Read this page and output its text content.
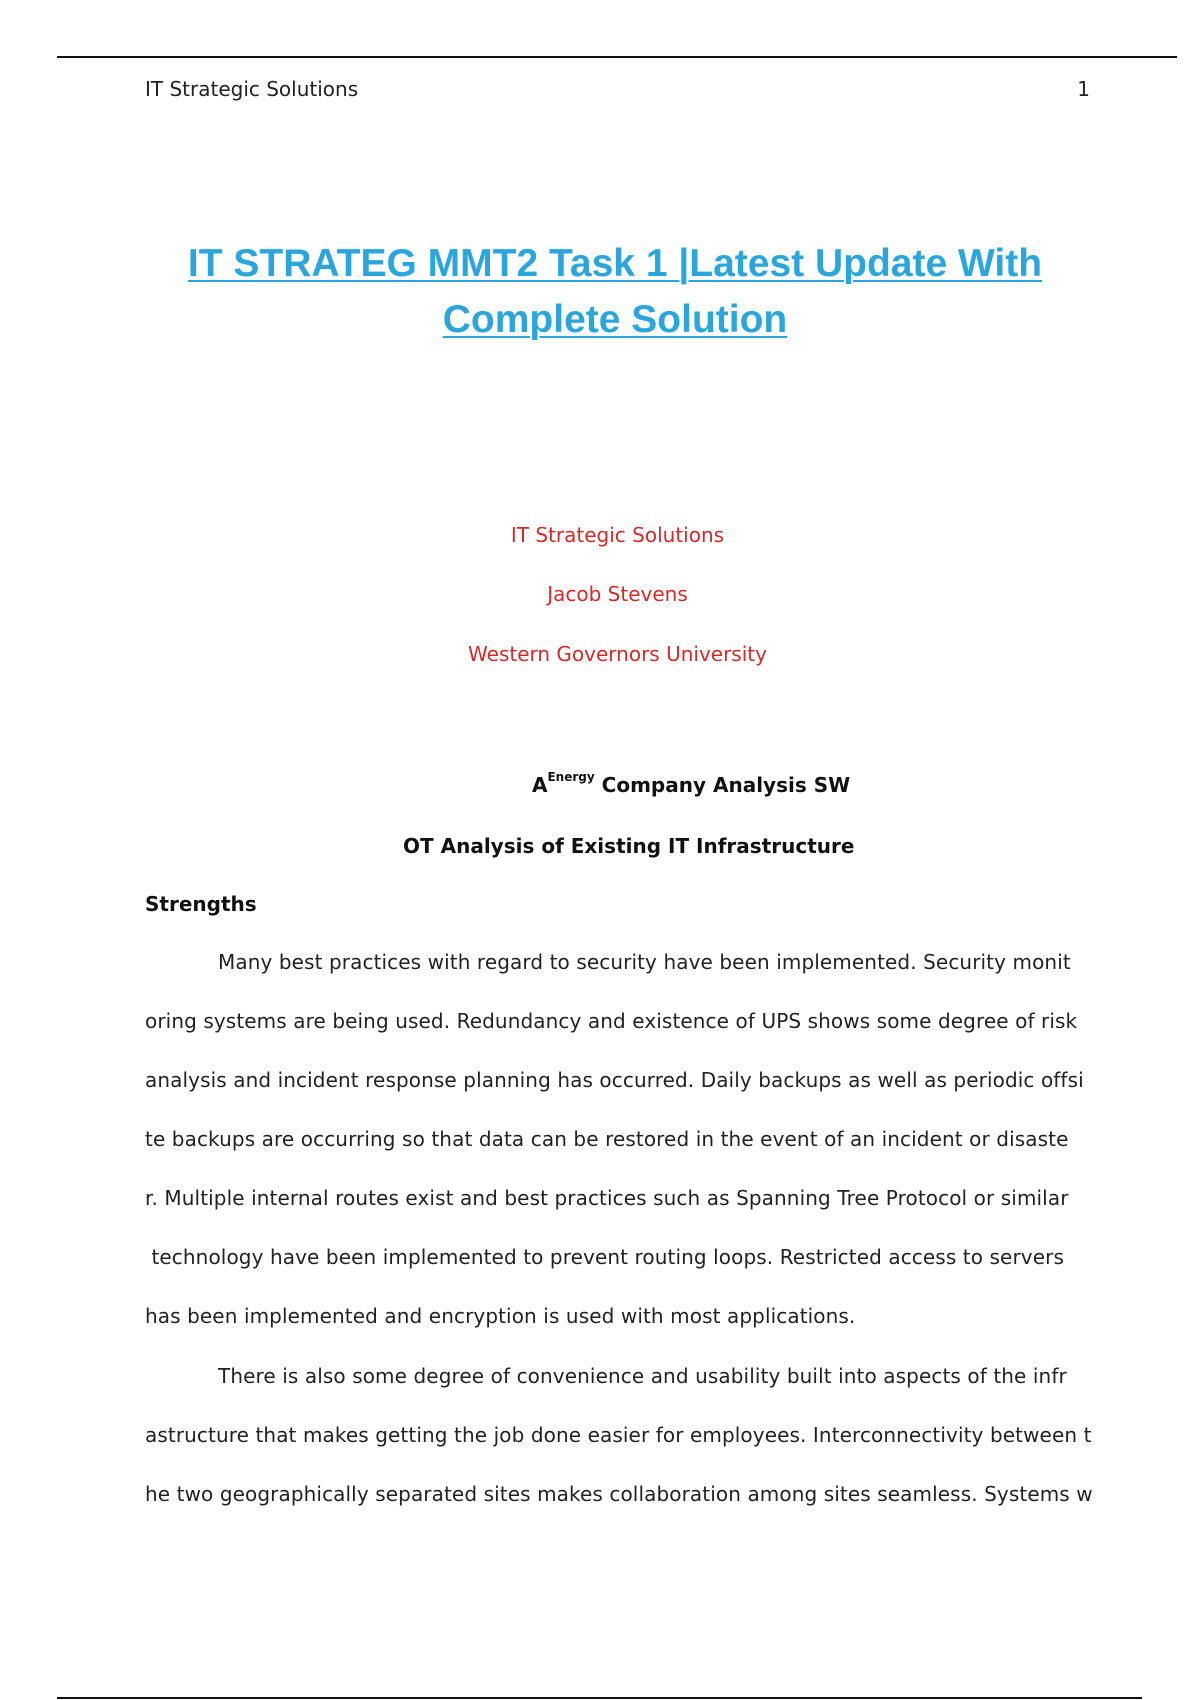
IT Strategic Solutions	1
IT STRATEG MMT2 Task 1 |Latest Update With
Complete Solution
IT Strategic Solutions
Jacob Stevens
Western Governors University
$A^{Energy}$ Company Analysis SW
OT Analysis of Existing IT Infrastructure
Strengths
Many best practices with regard to security have been implemented. Security monit
oring systems are being used. Redundancy and existence of UPS shows some degree of risk
analysis and incident response planning has occurred. Daily backups as well as periodic offsi
te backups are occurring so that data can be restored in the event of an incident or disaste
r. Multiple internal routes exist and best practices such as Spanning Tree Protocol or similar
technology have been implemented to prevent routing loops. Restricted access to servers
has been implemented and encryption is used with most applications.
There is also some degree of convenience and usability built into aspects of the infr
astructure that makes getting the job done easier for employees. Interconnectivity between t
he two geographically separated sites makes collaboration among sites seamless. Systems w
